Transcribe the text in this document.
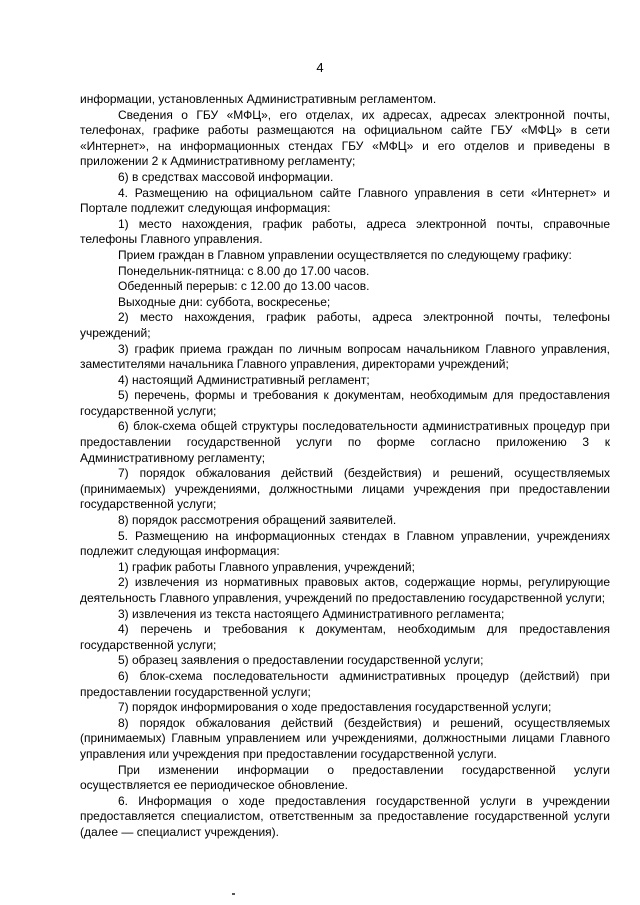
4

информации, установленных Административным регламентом.

Сведения о ГБУ «МФЦ», его отделах, их адресах, адресах электронной почты, телефонах, графике работы размещаются на официальном сайте ГБУ «МФЦ» в сети «Интернет», на информационных стендах ГБУ «МФЦ» и его отделов и приведены в приложении 2 к Административному регламенту;

6) в средствах массовой информации.

4. Размещению на официальном сайте Главного управления в сети «Интернет» и Портале подлежит следующая информация:

1) место нахождения, график работы, адреса электронной почты, справочные телефоны Главного управления.

Прием граждан в Главном управлении осуществляется по следующему графику:

Понедельник-пятница: с 8.00 до 17.00 часов.

Обеденный перерыв: с 12.00 до 13.00 часов.

Выходные дни: суббота, воскресенье;

2) место нахождения, график работы, адреса электронной почты, телефоны учреждений;

3) график приема граждан по личным вопросам начальником Главного управления, заместителями начальника Главного управления, директорами учреждений;

4) настоящий Административный регламент;

5) перечень, формы и требования к документам, необходимым для предоставления государственной услуги;

6) блок-схема общей структуры последовательности административных процедур при предоставлении государственной услуги по форме согласно приложению 3 к Административному регламенту;

7) порядок обжалования действий (бездействия) и решений, осуществляемых (принимаемых) учреждениями, должностными лицами учреждения при предоставлении государственной услуги;

8) порядок рассмотрения обращений заявителей.

5. Размещению на информационных стендах в Главном управлении, учреждениях подлежит следующая информация:

1) график работы Главного управления, учреждений;

2) извлечения из нормативных правовых актов, содержащие нормы, регулирующие деятельность Главного управления, учреждений по предоставлению государственной услуги;

3) извлечения из текста настоящего Административного регламента;

4) перечень и требования к документам, необходимым для предоставления государственной услуги;

5) образец заявления о предоставлении государственной услуги;

6) блок-схема последовательности административных процедур (действий) при предоставлении государственной услуги;

7) порядок информирования о ходе предоставления государственной услуги;

8) порядок обжалования действий (бездействия) и решений, осуществляемых (принимаемых) Главным управлением или учреждениями, должностными лицами Главного управления или учреждения при предоставлении государственной услуги.

При изменении информации о предоставлении государственной услуги осуществляется ее периодическое обновление.

6. Информация о ходе предоставления государственной услуги в учреждении предоставляется специалистом, ответственным за предоставление государственной услуги (далее — специалист учреждения).
